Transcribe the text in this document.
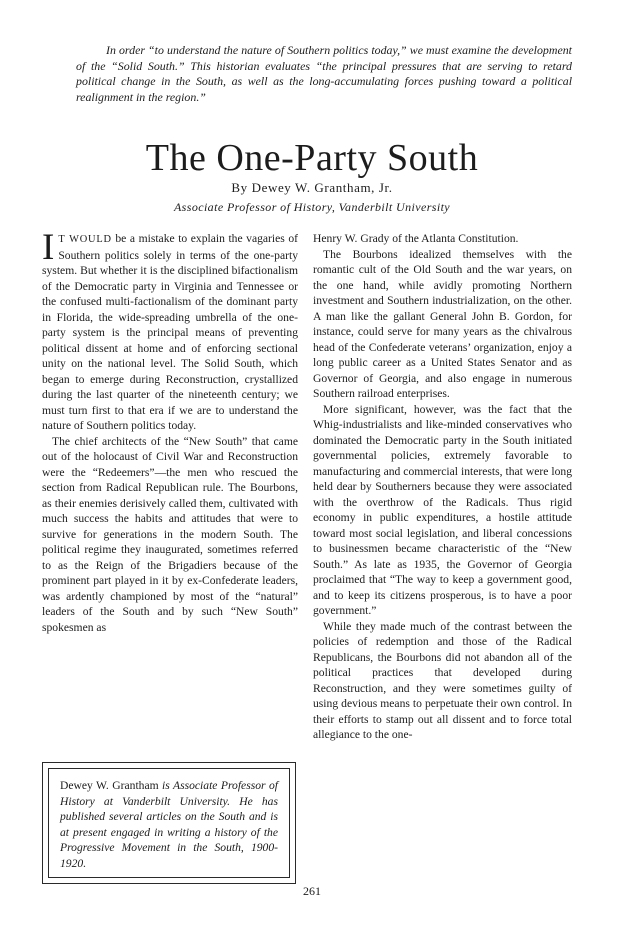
In order “to understand the nature of Southern politics today,” we must examine the development of the “Solid South.” This historian evaluates “the principal pressures that are serving to retard political change in the South, as well as the long-accumulating forces pushing toward a political realignment in the region.”

The One-Party South
By Dewey W. Grantham, Jr.
Associate Professor of History, Vanderbilt University

I T WOULD be a mistake to explain the vagaries of Southern politics solely in terms of the one-party system. But whether it is the disciplined bifactionalism of the Democratic party in Virginia and Tennessee or the confused multi-factionalism of the dominant party in Florida, the wide-spreading umbrella of the one-party system is the principal means of preventing political dissent at home and of enforcing sectional unity on the national level. The Solid South, which began to emerge during Reconstruction, crystallized during the last quarter of the nineteenth century; we must turn first to that era if we are to understand the nature of Southern politics today.

The chief architects of the “New South” that came out of the holocaust of Civil War and Reconstruction were the “Redeemers”—the men who rescued the section from Radical Republican rule. The Bourbons, as their enemies derisively called them, cultivated with much success the habits and attitudes that were to survive for generations in the modern South. The political regime they inaugurated, sometimes referred to as the Reign of the Brigadiers because of the prominent part played in it by ex-Confederate leaders, was ardently championed by most of the “natural” leaders of the South and by such “New South” spokesmen as

Henry W. Grady of the Atlanta Constitution.

The Bourbons idealized themselves with the romantic cult of the Old South and the war years, on the one hand, while avidly promoting Northern investment and Southern industrialization, on the other. A man like the gallant General John B. Gordon, for instance, could serve for many years as the chivalrous head of the Confederate veterans’ organization, enjoy a long public career as a United States Senator and as Governor of Georgia, and also engage in numerous Southern railroad enterprises.

More significant, however, was the fact that the Whig-industrialists and like-minded conservatives who dominated the Democratic party in the South initiated governmental policies, extremely favorable to manufacturing and commercial interests, that were long held dear by Southerners because they were associated with the overthrow of the Radicals. Thus rigid economy in public expenditures, a hostile attitude toward most social legislation, and liberal concessions to businessmen became characteristic of the “New South.” As late as 1935, the Governor of Georgia proclaimed that “The way to keep a government good, and to keep its citizens prosperous, is to have a poor government.”

While they made much of the contrast between the policies of redemption and those of the Radical Republicans, the Bourbons did not abandon all of the political practices that developed during Reconstruction, and they were sometimes guilty of using devious means to perpetuate their own control. In their efforts to stamp out all dissent and to force total allegiance to the one-

Dewey W. Grantham is Associate Professor of History at Vanderbilt University. He has published several articles on the South and is at present engaged in writing a history of the Progressive Movement in the South, 1900-1920.
261
